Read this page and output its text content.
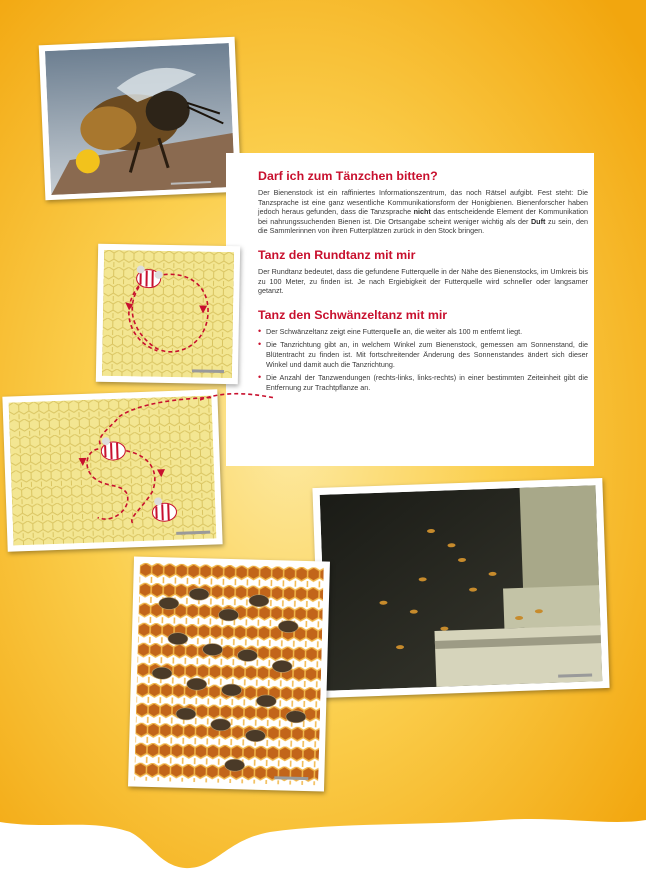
Darf ich zum Tänzchen bitten?

Der Bienenstock ist ein raffiniertes Informationszentrum, das noch Rätsel aufgibt. Fest steht: Die Tanzsprache ist eine ganz wesentliche Kommunikationsform der Honigbienen. Bienenforscher haben jedoch heraus gefunden, dass die Tanzsprache nicht das entscheidende Element der Kommunikation bei nahrungssuchenden Bienen ist. Die Ortsangabe scheint weniger wichtig als der Duft zu sein, den die Sammlerinnen von ihren Futterplätzen zurück in den Stock bringen.

Tanz den Rundtanz mit mir

Der Rundtanz bedeutet, dass die gefundene Futterquelle in der Nähe des Bienenstocks, im Umkreis bis zu 100 Meter, zu finden ist. Je nach Ergiebigkeit der Futterquelle wird schneller oder langsamer getanzt.

Tanz den Schwänzeltanz mit mir
• Der Schwänzeltanz zeigt eine Futterquelle an, die weiter als 100 m entfernt liegt.
• Die Tanzrichtung gibt an, in welchem Winkel zum Bienenstock, gemessen am Sonnenstand, die Blütentracht zu finden ist. Mit fortschreitender Änderung des Sonnenstandes ändert sich dieser Winkel und damit auch die Tanzrichtung.
• Die Anzahl der Tanzwendungen (rechts-links, links-rechts) in einer bestimmten Zeiteinheit gibt die Entfernung zur Trachtpflanze an.
